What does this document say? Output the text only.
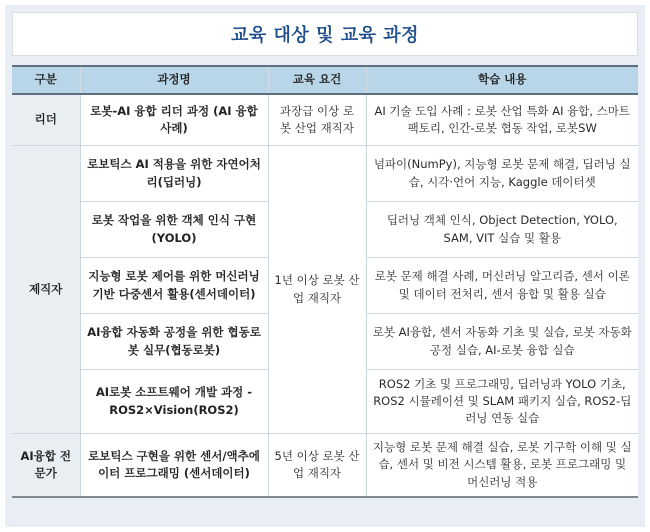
교육 대상 및 교육 과정
구분	과정명	교육 요건	학습 내용
리더	로봇-AI 융합 리더 과정 (AI 융합 사례)	과장급 이상 로봇 산업 재직자	AI 기술 도입 사례 : 로봇 산업 특화 AI 융합, 스마트팩토리, 인간-로봇 협동 작업, 로봇SW
제직자	로보틱스 AI 적용을 위한 자연어처리(딥러닝)	1년 이상 로봇 산업 재직자	넘파이(NumPy), 지능형 로봇 문제 해결, 딥러닝 실습, 시각·언어 지능, Kaggle 데이터셋
	로봇 작업을 위한 객체 인식 구현(YOLO)		딥러닝 객체 인식, Object Detection, YOLO, SAM, VIT 실습 및 활용
	지능형 로봇 제어를 위한 머신러닝 기반 다중센서 활용(센서데이터)		로봇 문제 해결 사례, 머신러닝 알고리즘, 센서 이론 및 데이터 전처리, 센서 융합 및 활용 실습
	AI융합 자동화 공정을 위한 협동로봇 실무(협동로봇)		로봇 AI융합, 센서 자동화 기초 및 실습, 로봇 자동화 공정 실습, AI-로봇 융합 실습
	AI로봇 소프트웨어 개발 과정 -ROS2×Vision(ROS2)		ROS2 기초 및 프로그래밍, 딥러닝과 YOLO 기초, ROS2 시뮬레이션 및 SLAM 패키지 실습, ROS2-딥러닝 연동 실습
AI융합 전문가	로보틱스 구현을 위한 센서/액추에이터 프로그래밍 (센서데이터)	5년 이상 로봇 산업 재직자	지능형 로봇 문제 해결 실습, 로봇 기구학 이해 및 실습, 센서 및 비전 시스템 활용, 로봇 프로그래밍 및 머신러닝 적용
